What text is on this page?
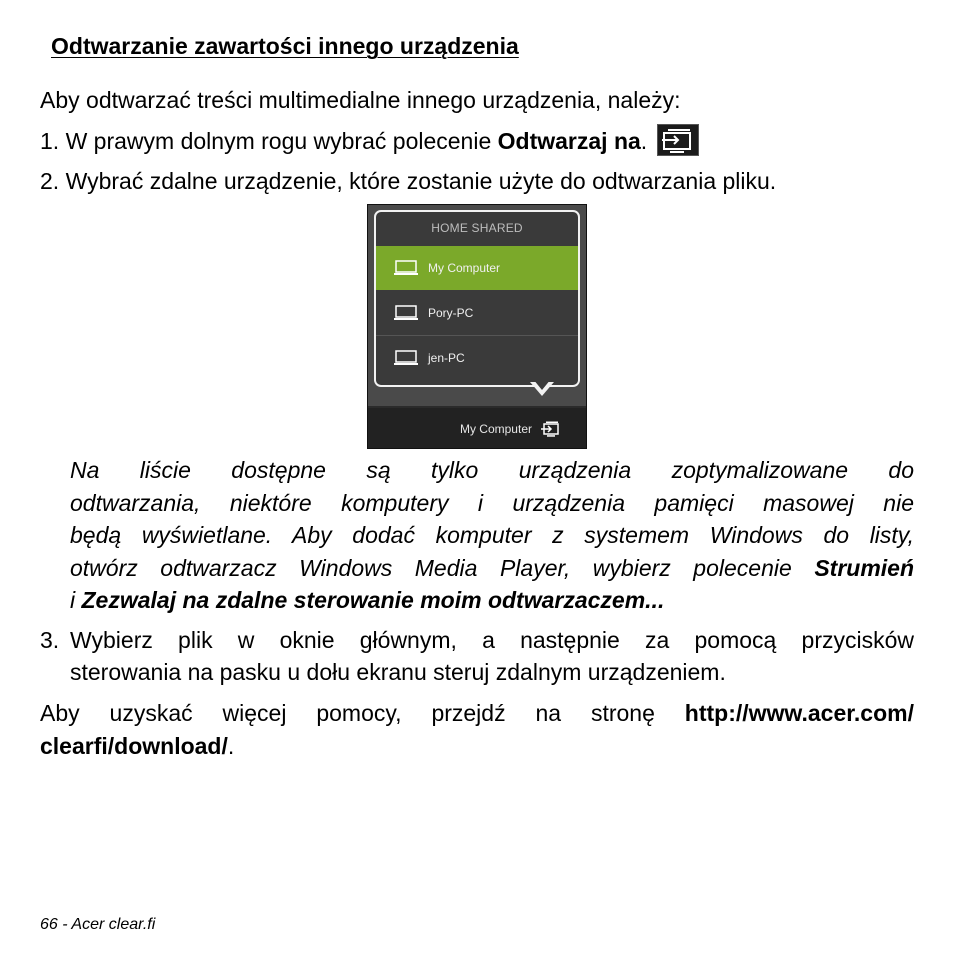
Odtwarzanie zawartości innego urządzenia

Aby odtwarzać treści multimedialne innego urządzenia, należy:

1. W prawym dolnym rogu wybrać polecenie Odtwarzaj na.

2. Wybrać zdalne urządzenie, które zostanie użyte do odtwarzania pliku.

HOME SHARED
My Computer
Pory-PC
jen-PC
My Computer
Na liście dostępne są tylko urządzenia zoptymalizowane do
odtwarzania, niektóre komputery i urządzenia pamięci masowej nie
będą wyświetlane. Aby dodać komputer z systemem Windows do listy,
otwórz odtwarzacz Windows Media Player, wybierz polecenie Strumień
i Zezwalaj na zdalne sterowanie moim odtwarzaczem...
3. Wybierz plik w oknie głównym, a następnie za pomocą przycisków
sterowania na pasku u dołu ekranu steruj zdalnym urządzeniem.
Aby uzyskać więcej pomocy, przejdź na stronę http://www.acer.com/
clearfi/download/.

66 - Acer clear.fi
